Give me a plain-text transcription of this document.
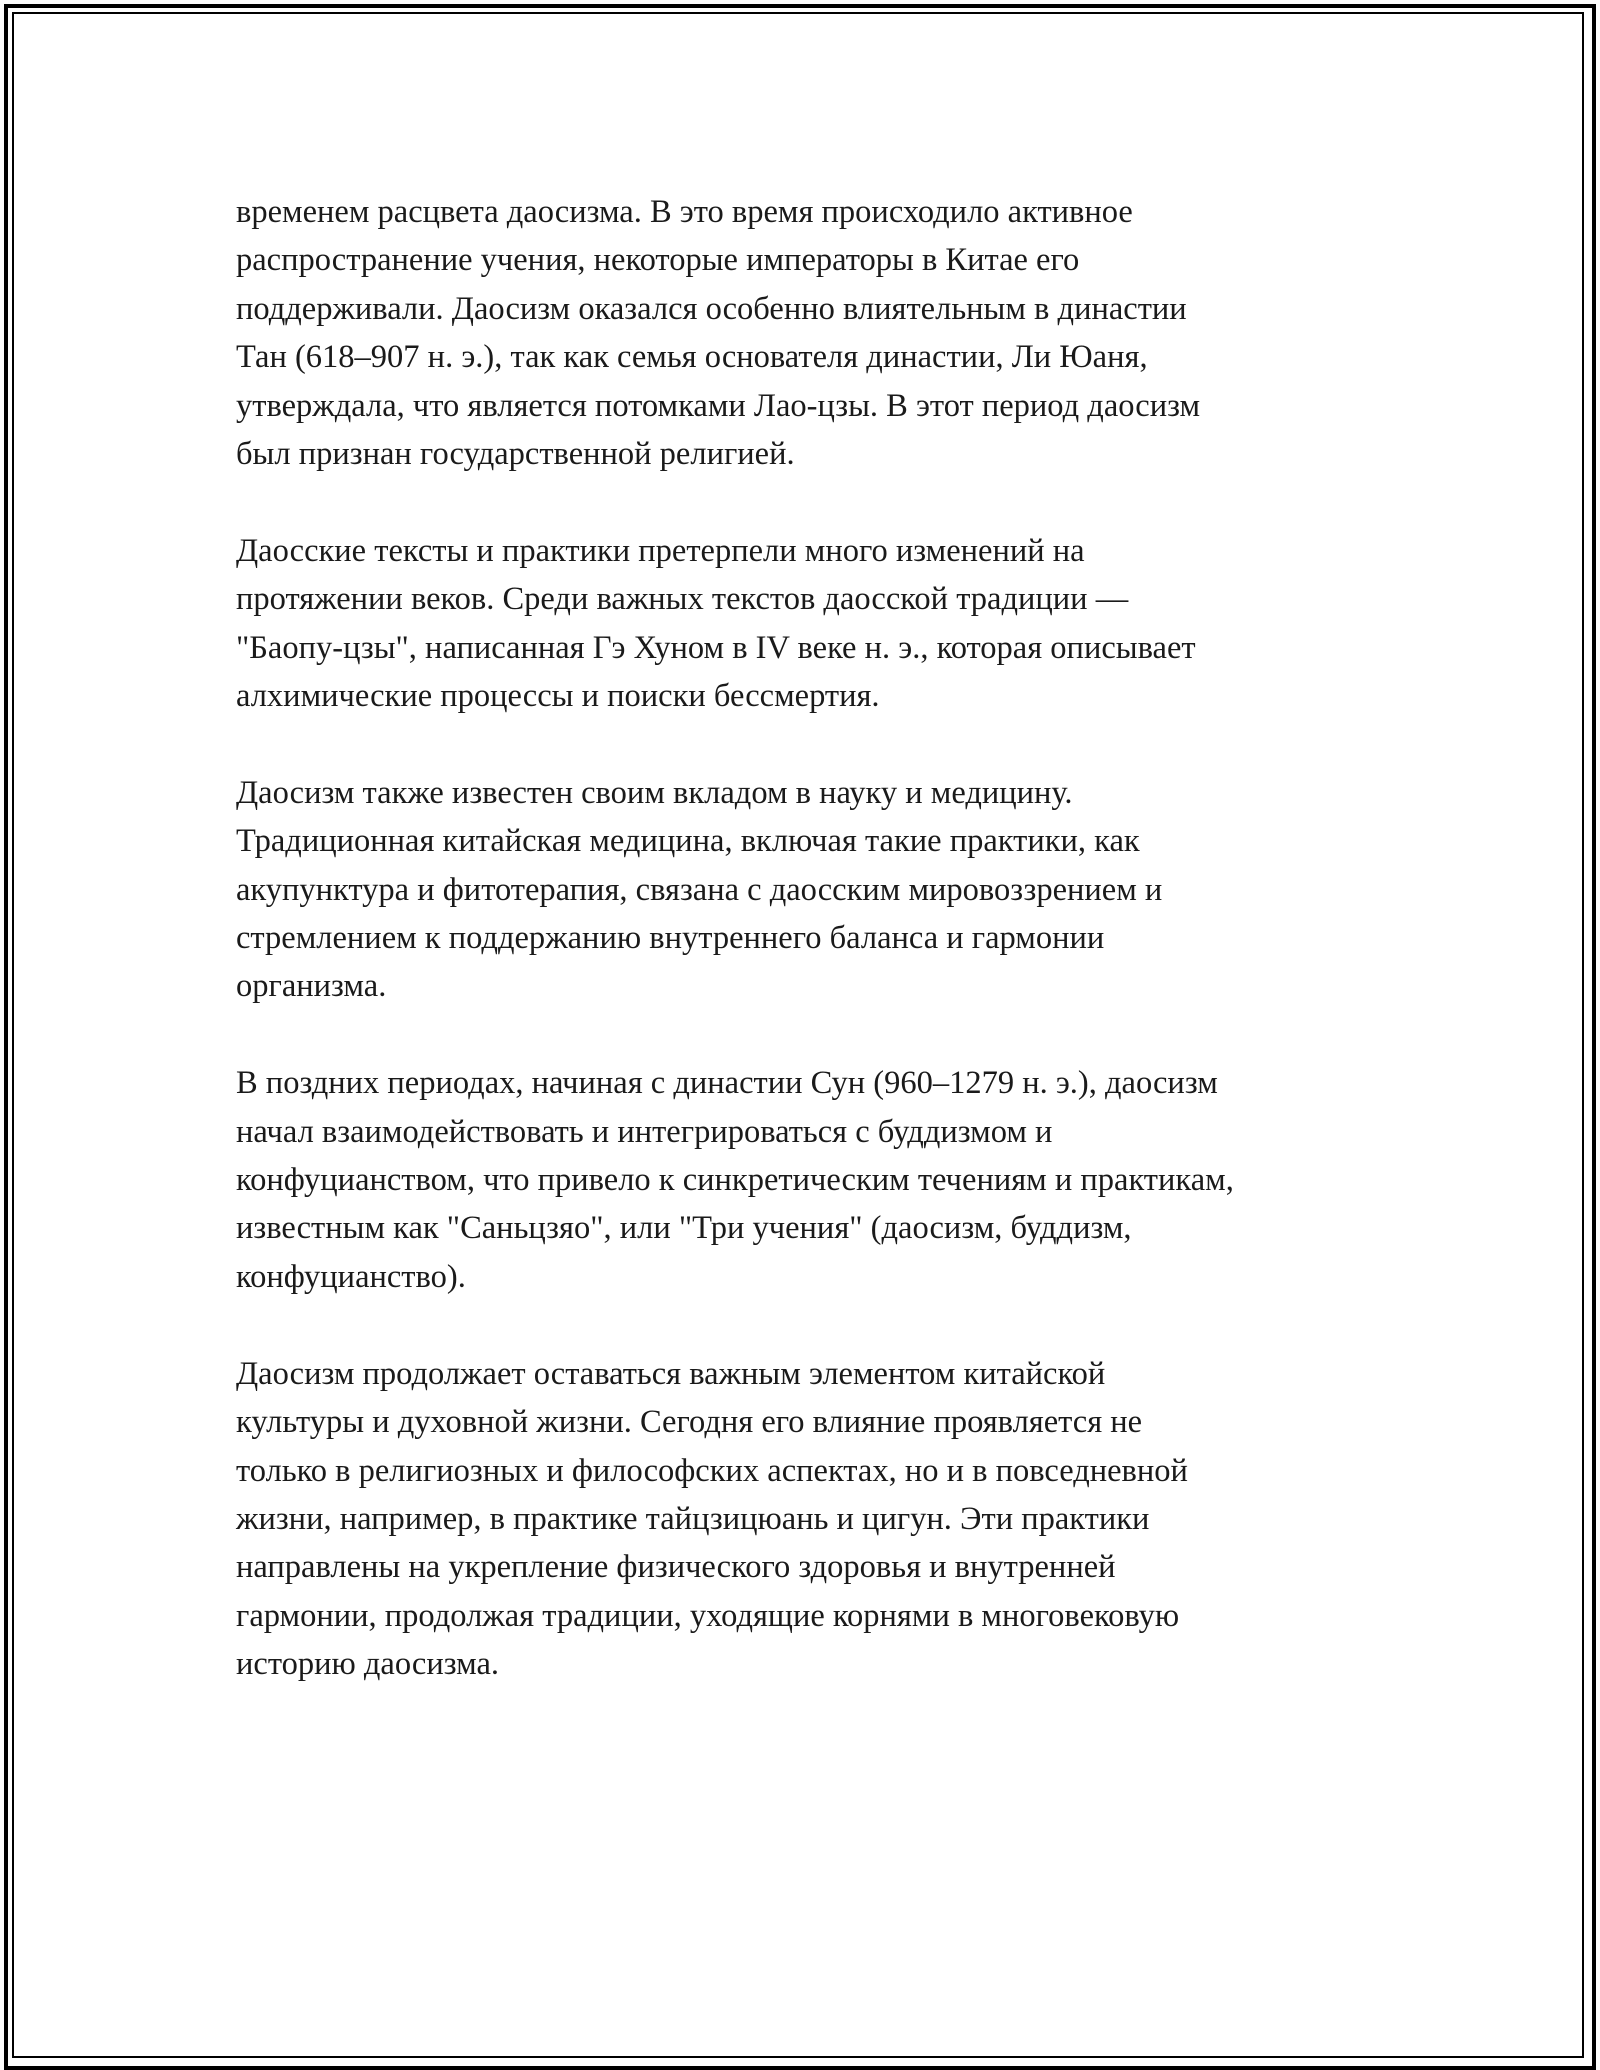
временем расцвета даосизма. В это время происходило активное
распространение учения, некоторые императоры в Китае его
поддерживали. Даосизм оказался особенно влиятельным в династии
Тан (618–907 н. э.), так как семья основателя династии, Ли Юаня,
утверждала, что является потомками Лао-цзы. В этот период даосизм
был признан государственной религией.

Даосские тексты и практики претерпели много изменений на
протяжении веков. Среди важных текстов даосской традиции —
"Баопу-цзы", написанная Гэ Хуном в IV веке н. э., которая описывает
алхимические процессы и поиски бессмертия.

Даосизм также известен своим вкладом в науку и медицину.
Традиционная китайская медицина, включая такие практики, как
акупунктура и фитотерапия, связана с даосским мировоззрением и
стремлением к поддержанию внутреннего баланса и гармонии
организма.

В поздних периодах, начиная с династии Сун (960–1279 н. э.), даосизм
начал взаимодействовать и интегрироваться с буддизмом и
конфуцианством, что привело к синкретическим течениям и практикам,
известным как "Саньцзяо", или "Три учения" (даосизм, буддизм,
конфуцианство).

Даосизм продолжает оставаться важным элементом китайской
культуры и духовной жизни. Сегодня его влияние проявляется не
только в религиозных и философских аспектах, но и в повседневной
жизни, например, в практике тайцзицюань и цигун. Эти практики
направлены на укрепление физического здоровья и внутренней
гармонии, продолжая традиции, уходящие корнями в многовековую
историю даосизма.
